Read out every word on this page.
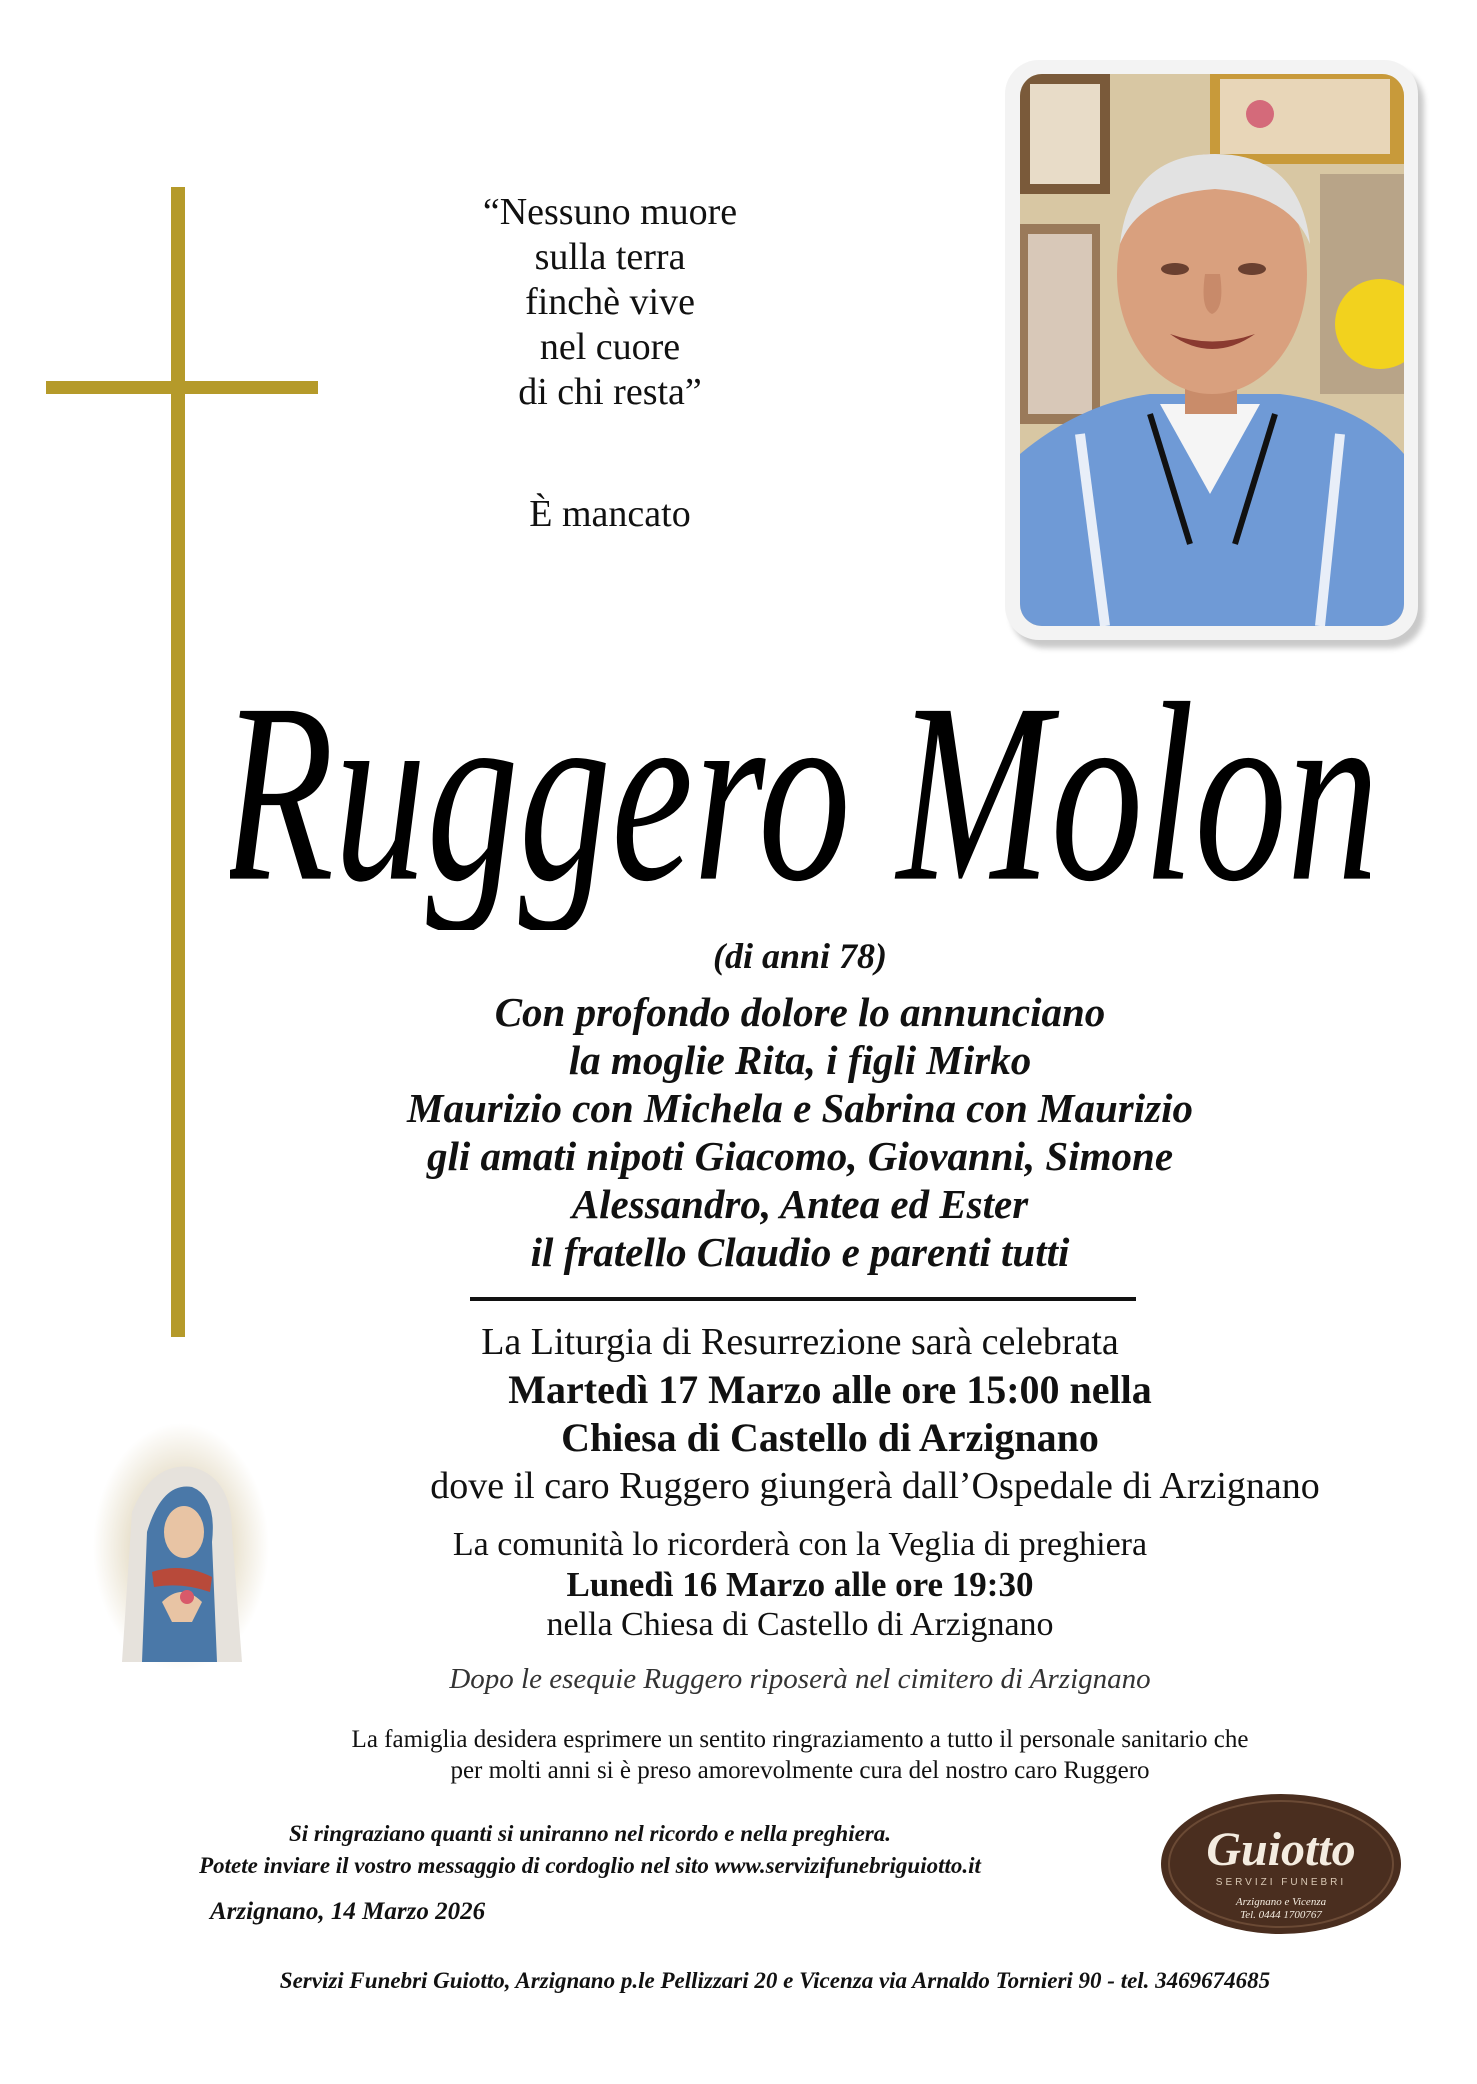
“Nessuno muore
sulla terra
finchè vive
nel cuore
di chi resta”
È mancato
Ruggero Molon
(di anni 78)
Con profondo dolore lo annunciano
la moglie Rita, i figli Mirko
Maurizio con Michela e Sabrina con Maurizio
gli amati nipoti Giacomo, Giovanni, Simone
Alessandro, Antea ed Ester
il fratello Claudio e parenti tutti
La Liturgia di Resurrezione sarà celebrata
Martedì 17 Marzo alle ore 15:00 nella
Chiesa di Castello di Arzignano
dove il caro Ruggero giungerà dall’Ospedale di Arzignano
La comunità lo ricorderà con la Veglia di preghiera
Lunedì 16 Marzo alle ore 19:30
nella Chiesa di Castello di Arzignano
Dopo le esequie Ruggero riposerà nel cimitero di Arzignano
La famiglia desidera esprimere un sentito ringraziamento a tutto il personale sanitario che
per molti anni si è preso amorevolmente cura del nostro caro Ruggero
Si ringraziano quanti si uniranno nel ricordo e nella preghiera.
Potete inviare il vostro messaggio di cordoglio nel sito www.servizifunebriguiotto.it
Arzignano, 14 Marzo 2026
Guiotto
SERVIZI FUNEBRI
Arzignano e Vicenza
Tel. 0444 1700767
Servizi Funebri Guiotto, Arzignano p.le Pellizzari 20 e Vicenza via Arnaldo Tornieri 90 - tel. 3469674685
